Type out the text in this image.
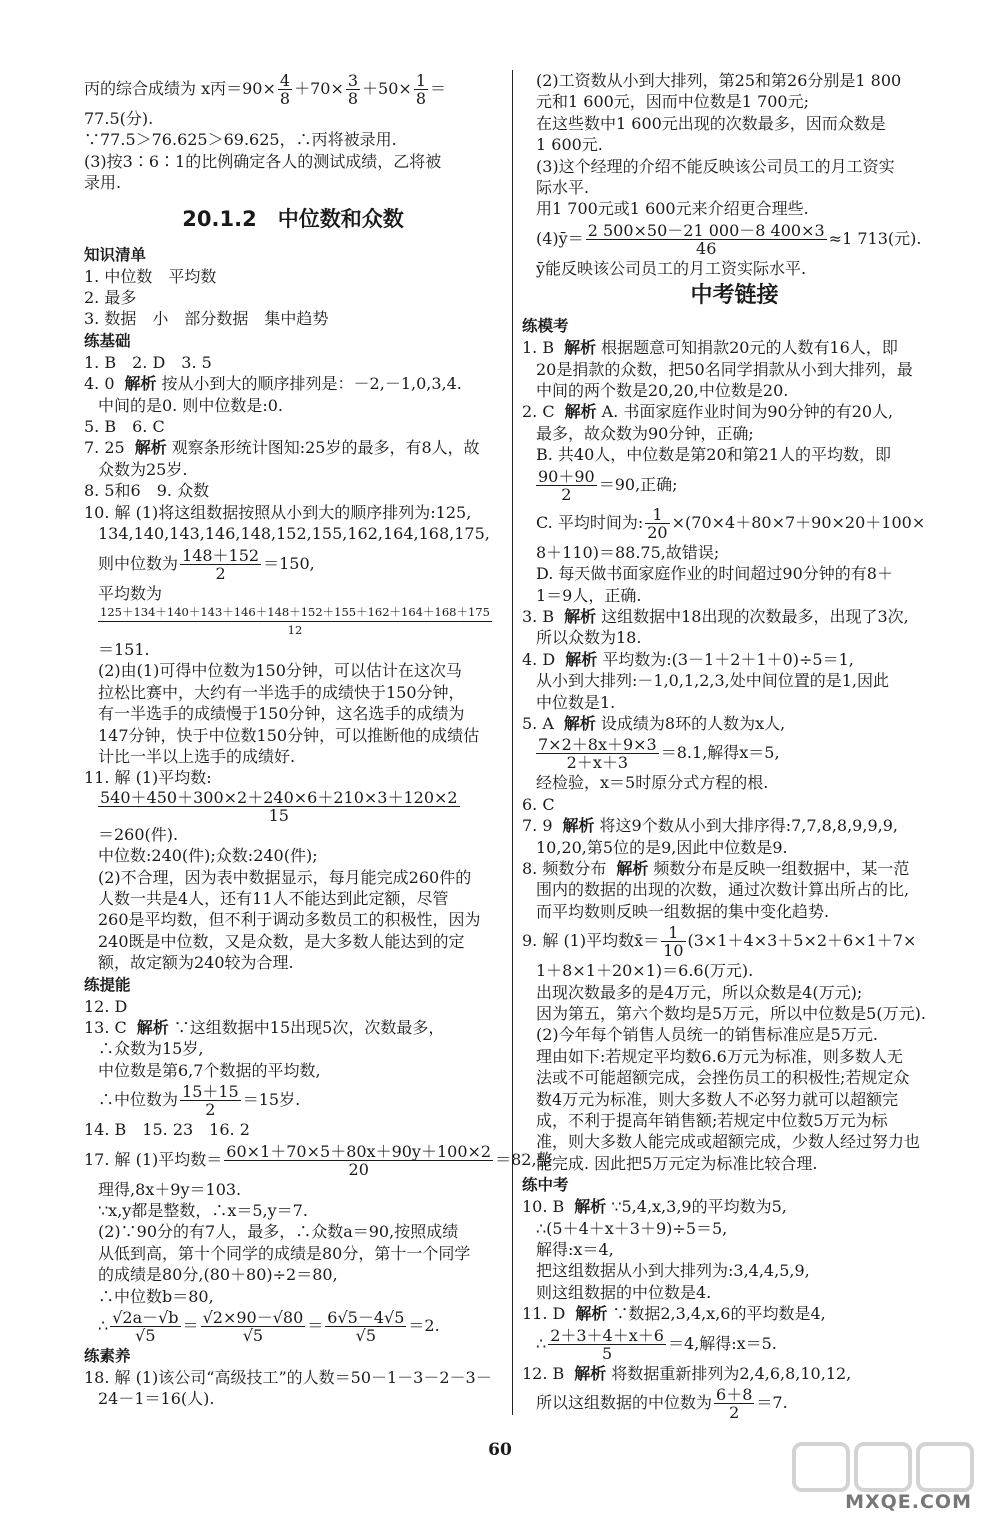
丙的综合成绩为 x丙$=90\times \frac{4}{8} +70\times \frac{3}{8} +50\times \frac{1}{8}$ ＝
77.5(分).
∵77.5＞76.625＞69.625，∴丙将被录用.
(3)按3∶6∶1的比例确定各人的测试成绩，乙将被
录用.
20.1.2　中位数和众数
知识清单
1. 中位数　平均数
2. 最多
3. 数据　小　部分数据　集中趋势
练基础
1. B　2. D　3. 5
4. 0 解析 按从小到大的顺序排列是：－2,－1,0,3,4.
中间的是0. 则中位数是:0.
5. B　6. C
7. 25 解析 观察条形统计图知:25岁的最多，有8人，故
众数为25岁.
8. 5和6　9. 众数
10. 解 (1)将这组数据按照从小到大的顺序排列为:125,
134,140,143,146,148,152,155,162,164,168,175,
则中位数为 $\frac{148+152}{2} =150$,
平均数为
$\frac{125+134+140+143+146+148+152+155+162+164+168+175}{12}$
＝151.
(2)由(1)可得中位数为150分钟，可以估计在这次马
拉松比赛中，大约有一半选手的成绩快于150分钟，
有一半选手的成绩慢于150分钟，这名选手的成绩为
147分钟，快于中位数150分钟，可以推断他的成绩估
计比一半以上选手的成绩好.
11. 解 (1)平均数:
$\frac{540+450+300\times 2+240\times 6+210\times 3+120\times 2}{15}$
＝260(件).
中位数:240(件);众数:240(件);
(2)不合理，因为表中数据显示，每月能完成260件的
人数一共是4人，还有11人不能达到此定额，尽管
260是平均数，但不利于调动多数员工的积极性，因为
240既是中位数，又是众数，是大多数人能达到的定
额，故定额为240较为合理.
练提能
12. D
13. C 解析 ∵这组数据中15出现5次，次数最多，
∴众数为15岁,
中位数是第6,7个数据的平均数,
∴中位数为 $\frac{15+15}{2} =15$岁.
14. B　15. 23　16. 2
17. 解 (1)平均数＝ $\frac{60\times 1+70\times 5+80x+90y+100\times 2}{20} =82$,整
理得,8x＋9y＝103.
∵x,y都是整数，∴x＝5,y＝7.
(2)∵90分的有7人，最多，∴众数a＝90,按照成绩
从低到高，第十个同学的成绩是80分，第十一个同学
的成绩是80分,(80＋80)÷2＝80,
∴中位数b＝80,
∴ $\frac{√2a-√b}{√5} = \frac{√2\times 90-√80}{√5} = \frac{6√5-4√5}{√5} =2$.
练素养
18. 解 (1)该公司“高级技工”的人数＝50－1－3－2－3－
24－1＝16(人).
(2)工资数从小到大排列，第25和第26分别是1 800
元和1 600元，因而中位数是1 700元;
在这些数中1 600元出现的次数最多，因而众数是
1 600元.
(3)这个经理的介绍不能反映该公司员工的月工资实
际水平.
用1 700元或1 600元来介绍更合理些.
(4)ȳ＝ $\frac{2 500\times 50-21 000-8 400\times 3}{46} \approx 1$ 713(元).
ȳ能反映该公司员工的月工资实际水平.
中考链接
练模考
1. B 解析 根据题意可知捐款20元的人数有16人，即
20是捐款的众数，把50名同学捐款从小到大排列，最
中间的两个数是20,20,中位数是20.
2. C 解析 A. 书面家庭作业时间为90分钟的有20人,
最多，故众数为90分钟，正确;
B. 共40人，中位数是第20和第21人的平均数，即
$\frac{90+90}{2} =90$,正确;
C. 平均时间为: $\frac{1}{20} \times(70\times 4+80\times 7+90\times 20+100\times$
8＋110)＝88.75,故错误;
D. 每天做书面家庭作业的时间超过90分钟的有8＋
1＝9人，正确.
3. B 解析 这组数据中18出现的次数最多，出现了3次,
所以众数为18.
4. D 解析 平均数为:(3－1＋2＋1＋0)÷5＝1,
从小到大排列:－1,0,1,2,3,处中间位置的是1,因此
中位数是1.
5. A 解析 设成绩为8环的人数为x人,
$\frac{7\times 2+8x+9\times 3}{2+x+3} =8.1$,解得x＝5,
经检验，x＝5时原分式方程的根.
6. C
7. 9 解析 将这9个数从小到大排序得:7,7,8,8,9,9,9,
10,20,第5位的是9,因此中位数是9.
8. 频数分布 解析 频数分布是反映一组数据中，某一范
围内的数据的出现的次数，通过次数计算出所占的比,
而平均数则反映一组数据的集中变化趋势.
9. 解 (1)平均数x̄＝ $\frac{1}{10} (3\times 1+4\times 3+5\times 2+6\times 1+7\times$
1＋8×1＋20×1)＝6.6(万元).
出现次数最多的是4万元，所以众数是4(万元);
因为第五，第六个数均是5万元，所以中位数是5(万元).
(2)今年每个销售人员统一的销售标准应是5万元.
理由如下:若规定平均数6.6万元为标准，则多数人无
法或不可能超额完成，会挫伤员工的积极性;若规定众
数4万元为标准，则大多数人不必努力就可以超额完
成，不利于提高年销售额;若规定中位数5万元为标
准，则大多数人能完成或超额完成，少数人经过努力也
能完成. 因此把5万元定为标准比较合理.
练中考
10. B 解析 ∵5,4,x,3,9的平均数为5,
∴(5＋4＋x＋3＋9)÷5＝5,
解得:x＝4,
把这组数据从小到大排列为:3,4,4,5,9,
则这组数据的中位数是4.
11. D 解析 ∵数据2,3,4,x,6的平均数是4,
∴ $\frac{2+3+4+x+6}{5} =4$,解得:x＝5.
12. B 解析 将数据重新排列为2,4,6,8,10,12,
所以这组数据的中位数为 $\frac{6+8}{2} =7$.
60
MXQE.COM
